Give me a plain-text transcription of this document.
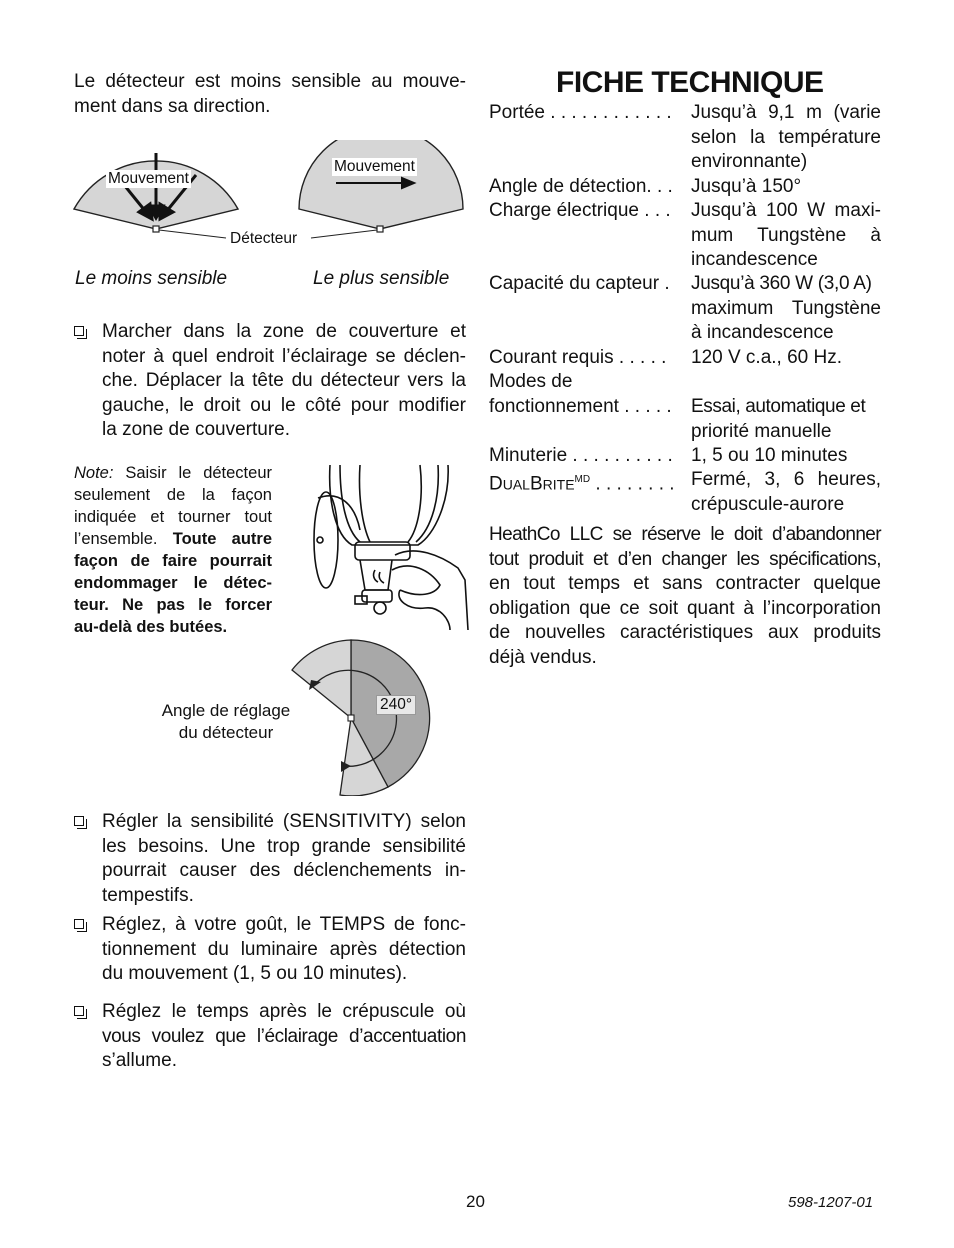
Le détecteur est moins sensible au mouve-
ment dans sa direction.
Mouvement
Mouvement
Détecteur
Le moins sensible	Le plus sensible
Marcher dans la zone de couverture et
noter à quel endroit l’éclairage se déclen-
che. Déplacer la tête du détecteur vers la
gauche, le droit ou le côté pour modifier
la zone de couverture.
Note: Saisir le détecteur
seulement de la façon
indiquée et tourner tout
l’ensemble. Toute autre
façon de faire pourrait
endommager le détec-
teur. Ne pas le forcer
au-delà des butées.
240°
Angle de réglage
du détecteur
Régler la sensibilité (SENSITIVITY) selon
les besoins. Une trop grande sensibilité
pourrait causer des déclenchements in-
tempestifs.
Réglez, à votre goût, le TEMPS de fonc-
tionnement du luminaire après détection
du mouvement (1, 5 ou 10 minutes).
Réglez le temps après le crépuscule où
vous voulez que l’éclairage d’accentuation
s’allume.
FICHE TECHNIQUE
Portée . . . . . . . . . . . . Jusqu’à 9,1 m (varie
selon la température
environnante)
Angle de détection. . . Jusqu’à 150°
Charge électrique . . . Jusqu’à 100 W maxi-
mum Tungstène à
incandescence
Capacité du capteur . Jusqu’à 360 W (3,0 A)
maximum Tungstène
à incandescence
Courant requis . . . . . 120 V c.a., 60 Hz.
Modes de
fonctionnement . . . . . Essai, automatique et
priorité manuelle
Minuterie . . . . . . . . . . 1, 5 ou 10 minutes
$DUALBRITE^{MD}$ . . . . . . . . Fermé, 3, 6 heures,
crépuscule-aurore
HeathCo LLC se réserve le doit d’abandonner
tout produit et d’en changer les spécifications,
en tout temps et sans contracter quelque
obligation que ce soit quant à l’incorporation
de nouvelles caractéristiques aux produits
déjà vendus.
20	598-1207-01
